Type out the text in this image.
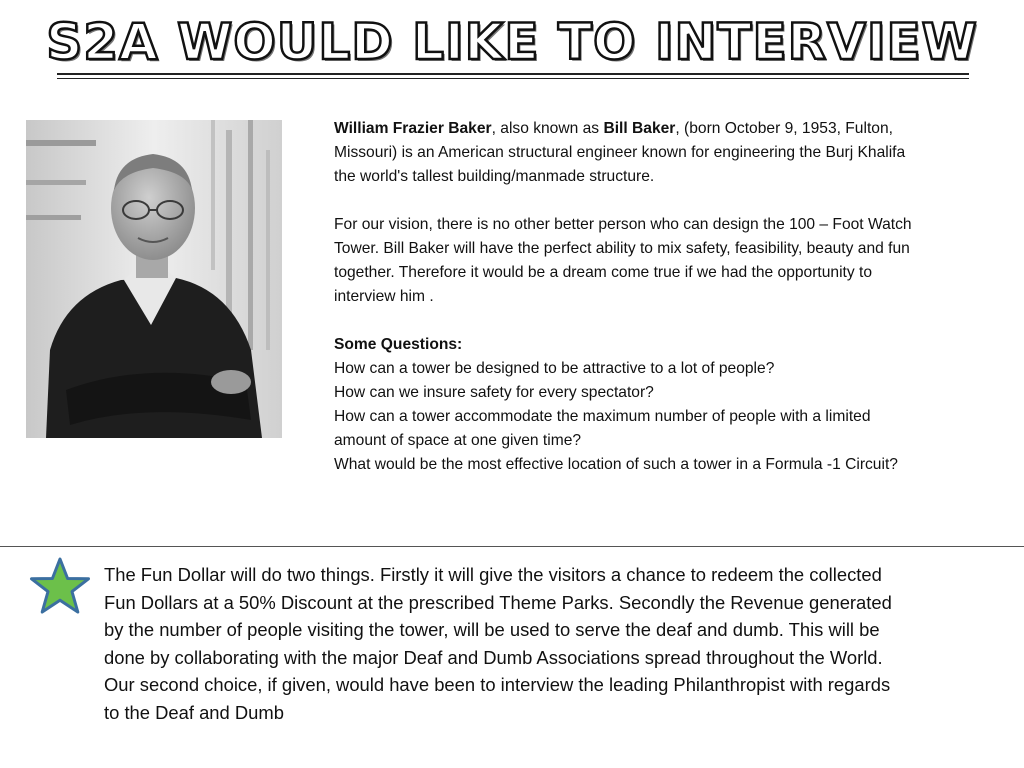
S2A WOULD LIKE TO INTERVIEW

William Frazier Baker, also known as Bill Baker, (born October 9, 1953, Fulton, Missouri) is an American structural engineer known for engineering the Burj Khalifa the world's tallest building/manmade structure.

For our vision, there is no other better person who can design the 100 – Foot Watch Tower. Bill Baker will have the perfect ability to mix safety, feasibility, beauty and fun together. Therefore it would be a dream come true if we had the opportunity to interview him .

Some Questions:

How can a tower be designed to be attractive to a lot of people?

How can we insure safety for every spectator?

How can a tower accommodate the maximum number of people with a limited amount of space at one given time?

What would be the most effective location of such a tower in a Formula -1 Circuit?

The Fun Dollar will do two things. Firstly it will give the visitors a chance to redeem the collected Fun Dollars at a 50% Discount at the prescribed Theme Parks. Secondly the Revenue generated by the number of people visiting the tower, will be used to serve the deaf and dumb. This will be done by collaborating with the major Deaf and Dumb Associations spread throughout the World. Our second choice, if given, would have been to interview the leading Philanthropist with regards to the Deaf and Dumb
